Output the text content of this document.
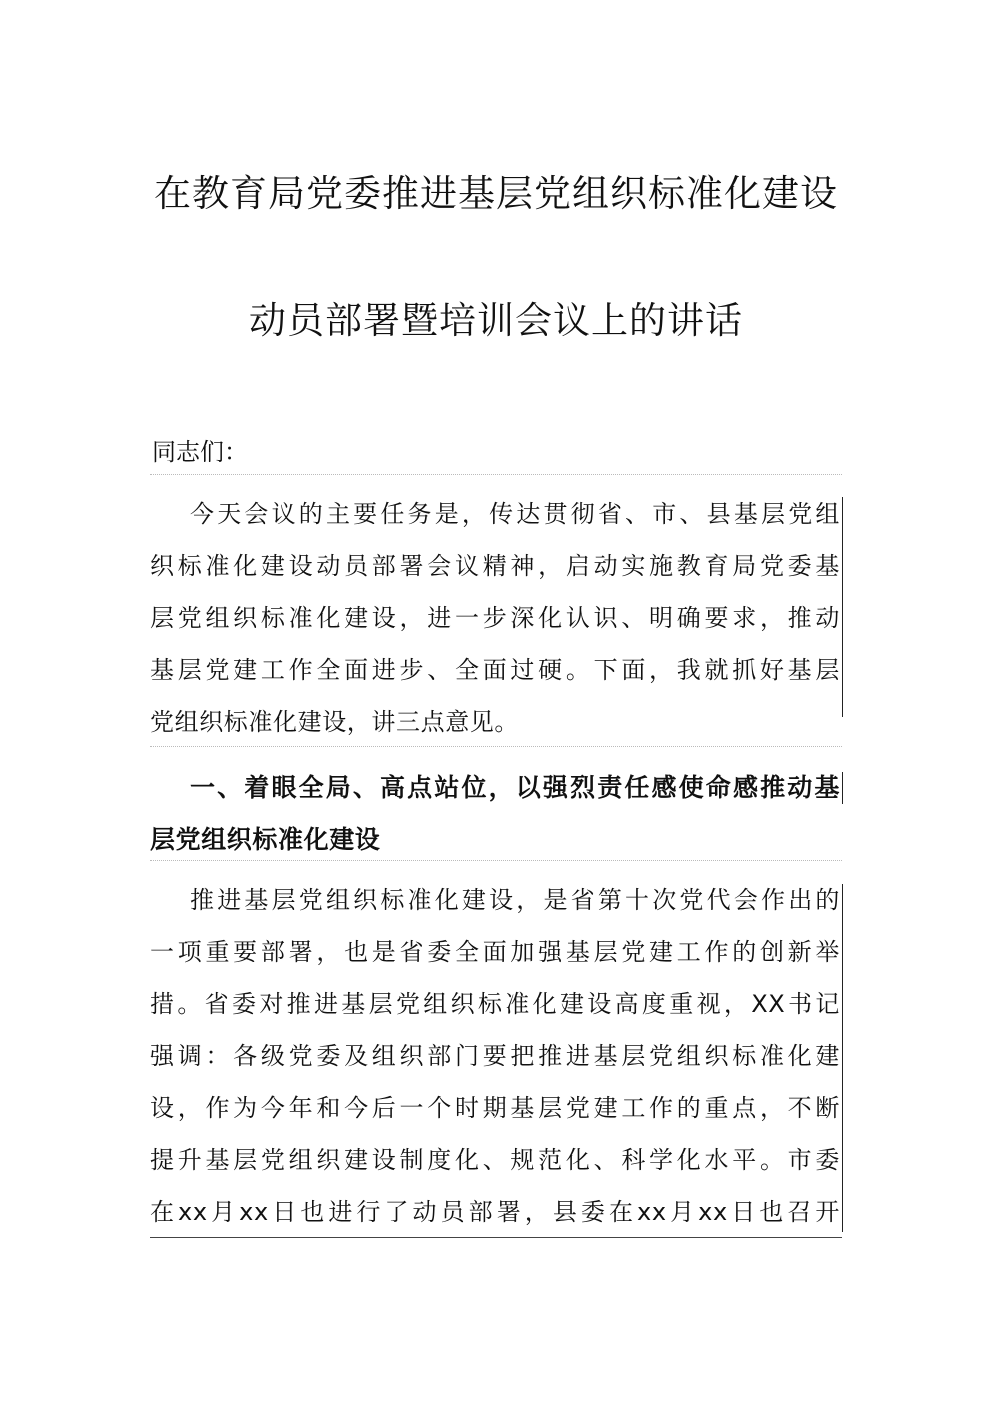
在教育局党委推进基层党组织标准化建设
动员部署暨培训会议上的讲话
同志们：
今天会议的主要任务是，传达贯彻省、市、县基层党组
织标准化建设动员部署会议精神，启动实施教育局党委基
层党组织标准化建设，进一步深化认识、明确要求，推动
基层党建工作全面进步、全面过硬。下面，我就抓好基层
党组织标准化建设，讲三点意见。
一、着眼全局、高点站位，以强烈责任感使命感推动基
层党组织标准化建设
推进基层党组织标准化建设，是省第十次党代会作出的
一项重要部署，也是省委全面加强基层党建工作的创新举
措。省委对推进基层党组织标准化建设高度重视，XX书记
强调：各级党委及组织部门要把推进基层党组织标准化建
设，作为今年和今后一个时期基层党建工作的重点，不断
提升基层党组织建设制度化、规范化、科学化水平。市委
在xx月xx日也进行了动员部署，县委在xx月xx日也召开
